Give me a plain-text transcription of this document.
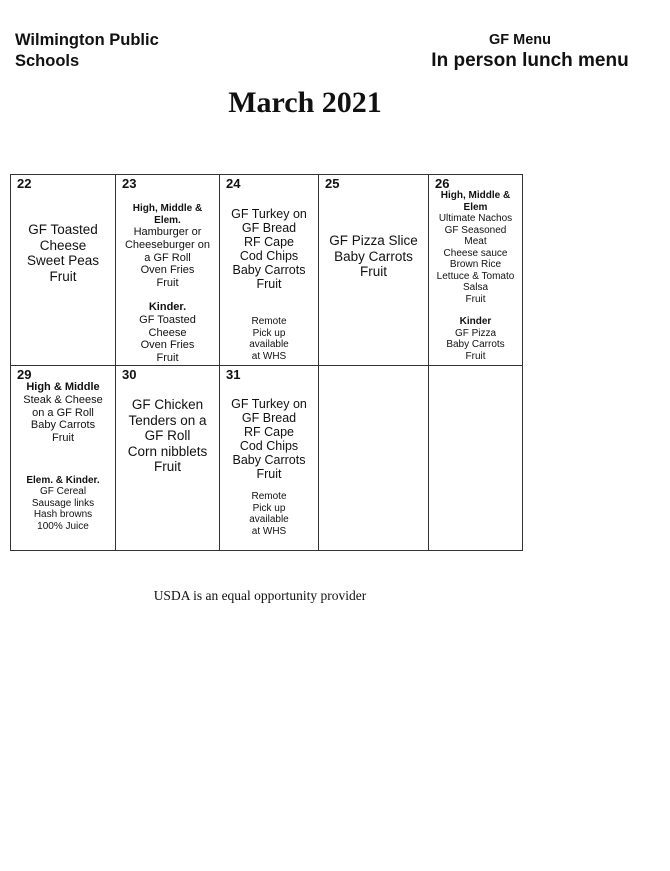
Wilmington Public
Schools
GF Menu
In person lunch menu
March 2021
22
GF Toasted
Cheese
Sweet Peas
Fruit

23
High, Middle &
Elem.
Hamburger or
Cheeseburger on
a GF Roll
Oven Fries
Fruit
Kinder.
GF Toasted
Cheese
Oven Fries
Fruit

24
GF Turkey on
GF Bread
RF Cape
Cod Chips
Baby Carrots
Fruit
Remote
Pick up
available
at WHS

25
GF Pizza Slice
Baby Carrots
Fruit

26
High, Middle &
Elem
Ultimate Nachos
GF Seasoned
Meat
Cheese sauce
Brown Rice
Lettuce & Tomato
Salsa
Fruit
Kinder
GF Pizza
Baby Carrots
Fruit

29
High & Middle
Steak & Cheese
on a GF Roll
Baby Carrots
Fruit
Elem. & Kinder.
GF Cereal
Sausage links
Hash browns
100% Juice

30
GF Chicken
Tenders on a
GF Roll
Corn nibblets
Fruit

31
GF Turkey on
GF Bread
RF Cape
Cod Chips
Baby Carrots
Fruit
Remote
Pick up
available
at WHS

USDA is an equal opportunity provider
